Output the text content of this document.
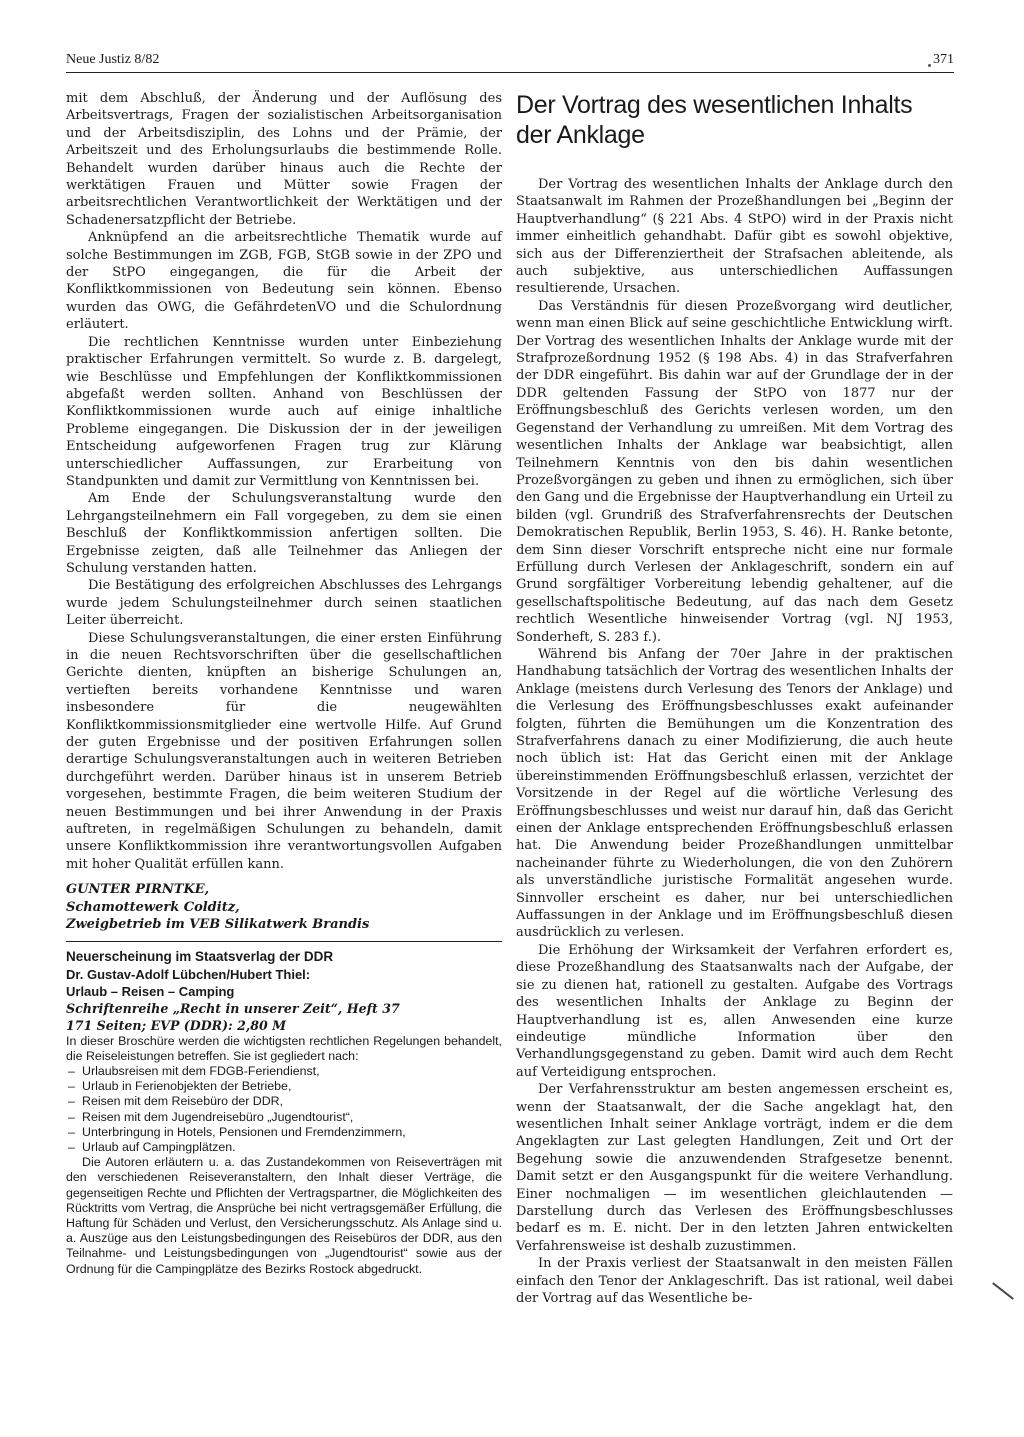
Neue Justiz 8/82	371

mit dem Abschluß, der Änderung und der Auflösung des Arbeitsvertrags, Fragen der sozialistischen Arbeitsorganisation und der Arbeitsdisziplin, des Lohns und der Prämie, der Arbeitszeit und des Erholungsurlaubs die bestimmende Rolle. Behandelt wurden darüber hinaus auch die Rechte der werktätigen Frauen und Mütter sowie Fragen der arbeitsrechtlichen Verantwortlichkeit der Werktätigen und der Schadenersatzpflicht der Betriebe.

Anknüpfend an die arbeitsrechtliche Thematik wurde auf solche Bestimmungen im ZGB, FGB, StGB sowie in der ZPO und der StPO eingegangen, die für die Arbeit der Konfliktkommissionen von Bedeutung sein können. Ebenso wurden das OWG, die GefährdetenVO und die Schulordnung erläutert.

Die rechtlichen Kenntnisse wurden unter Einbeziehung praktischer Erfahrungen vermittelt. So wurde z. B. dargelegt, wie Beschlüsse und Empfehlungen der Konfliktkommissionen abgefaßt werden sollten. Anhand von Beschlüssen der Konfliktkommissionen wurde auch auf einige inhaltliche Probleme eingegangen. Die Diskussion der in der jeweiligen Entscheidung aufgeworfenen Fragen trug zur Klärung unterschiedlicher Auffassungen, zur Erarbeitung von Standpunkten und damit zur Vermittlung von Kenntnissen bei.

Am Ende der Schulungsveranstaltung wurde den Lehrgangsteilnehmern ein Fall vorgegeben, zu dem sie einen Beschluß der Konfliktkommission anfertigen sollten. Die Ergebnisse zeigten, daß alle Teilnehmer das Anliegen der Schulung verstanden hatten.

Die Bestätigung des erfolgreichen Abschlusses des Lehrgangs wurde jedem Schulungsteilnehmer durch seinen staatlichen Leiter überreicht.

Diese Schulungsveranstaltungen, die einer ersten Einführung in die neuen Rechtsvorschriften über die gesellschaftlichen Gerichte dienten, knüpften an bisherige Schulungen an, vertieften bereits vorhandene Kenntnisse und waren insbesondere für die neugewählten Konfliktkommissionsmitglieder eine wertvolle Hilfe. Auf Grund der guten Ergebnisse und der positiven Erfahrungen sollen derartige Schulungsveranstaltungen auch in weiteren Betrieben durchgeführt werden. Darüber hinaus ist in unserem Betrieb vorgesehen, bestimmte Fragen, die beim weiteren Studium der neuen Bestimmungen und bei ihrer Anwendung in der Praxis auftreten, in regelmäßigen Schulungen zu behandeln, damit unsere Konfliktkommission ihre verantwortungsvollen Aufgaben mit hoher Qualität erfüllen kann.

GUNTER PIRNTKE,

Schamottewerk Colditz,

Zweigbetrieb im VEB Silikatwerk Brandis

Neuerscheinung im Staatsverlag der DDR

Dr. Gustav-Adolf Lübchen/Hubert Thiel:

Urlaub – Reisen – Camping

Schriftenreihe „Recht in unserer Zeit“, Heft 37

171 Seiten; EVP (DDR): 2,80 M

In dieser Broschüre werden die wichtigsten rechtlichen Regelungen behandelt, die Reiseleistungen betreffen. Sie ist gegliedert nach:

– Urlaubsreisen mit dem FDGB-Feriendienst,
– Urlaub in Ferienobjekten der Betriebe,
– Reisen mit dem Reisebüro der DDR,
– Reisen mit dem Jugendreisebüro „Jugendtourist“,
– Unterbringung in Hotels, Pensionen und Fremdenzimmern,
– Urlaub auf Campingplätzen.

Die Autoren erläutern u. a. das Zustandekommen von Reiseverträgen mit den verschiedenen Reiseveranstaltern, den Inhalt dieser Verträge, die gegenseitigen Rechte und Pflichten der Vertragspartner, die Möglichkeiten des Rücktritts vom Vertrag, die Ansprüche bei nicht vertragsgemäßer Erfüllung, die Haftung für Schäden und Verlust, den Versicherungsschutz. Als Anlage sind u. a. Auszüge aus den Leistungsbedingungen des Reisebüros der DDR, aus den Teilnahme- und Leistungsbedingungen von „Jugendtourist“ sowie aus der Ordnung für die Campingplätze des Bezirks Rostock abgedruckt.

Der Vortrag des wesentlichen Inhalts
der Anklage

Der Vortrag des wesentlichen Inhalts der Anklage durch den Staatsanwalt im Rahmen der Prozeßhandlungen bei „Beginn der Hauptverhandlung“ (§ 221 Abs. 4 StPO) wird in der Praxis nicht immer einheitlich gehandhabt. Dafür gibt es sowohl objektive, sich aus der Differenziertheit der Strafsachen ableitende, als auch subjektive, aus unterschiedlichen Auffassungen resultierende, Ursachen.

Das Verständnis für diesen Prozeßvorgang wird deutlicher, wenn man einen Blick auf seine geschichtliche Entwicklung wirft. Der Vortrag des wesentlichen Inhalts der Anklage wurde mit der Strafprozeßordnung 1952 (§ 198 Abs. 4) in das Strafverfahren der DDR eingeführt. Bis dahin war auf der Grundlage der in der DDR geltenden Fassung der StPO von 1877 nur der Eröffnungsbeschluß des Gerichts verlesen worden, um den Gegenstand der Verhandlung zu umreißen. Mit dem Vortrag des wesentlichen Inhalts der Anklage war beabsichtigt, allen Teilnehmern Kenntnis von den bis dahin wesentlichen Prozeßvorgängen zu geben und ihnen zu ermöglichen, sich über den Gang und die Ergebnisse der Hauptverhandlung ein Urteil zu bilden (vgl. Grundriß des Strafverfahrensrechts der Deutschen Demokratischen Republik, Berlin 1953, S. 46). H. Ranke betonte, dem Sinn dieser Vorschrift entspreche nicht eine nur formale Erfüllung durch Verlesen der Anklageschrift, sondern ein auf Grund sorgfältiger Vorbereitung lebendig gehaltener, auf die gesellschaftspolitische Bedeutung, auf das nach dem Gesetz rechtlich Wesentliche hinweisender Vortrag (vgl. NJ 1953, Sonderheft, S. 283 f.).

Während bis Anfang der 70er Jahre in der praktischen Handhabung tatsächlich der Vortrag des wesentlichen Inhalts der Anklage (meistens durch Verlesung des Tenors der Anklage) und die Verlesung des Eröffnungsbeschlusses exakt aufeinander folgten, führten die Bemühungen um die Konzentration des Strafverfahrens danach zu einer Modifizierung, die auch heute noch üblich ist: Hat das Gericht einen mit der Anklage übereinstimmenden Eröffnungsbeschluß erlassen, verzichtet der Vorsitzende in der Regel auf die wörtliche Verlesung des Eröffnungsbeschlusses und weist nur darauf hin, daß das Gericht einen der Anklage entsprechenden Eröffnungsbeschluß erlassen hat. Die Anwendung beider Prozeßhandlungen unmittelbar nacheinander führte zu Wiederholungen, die von den Zuhörern als unverständliche juristische Formalität angesehen wurde. Sinnvoller erscheint es daher, nur bei unterschiedlichen Auffassungen in der Anklage und im Eröffnungsbeschluß diesen ausdrücklich zu verlesen.

Die Erhöhung der Wirksamkeit der Verfahren erfordert es, diese Prozeßhandlung des Staatsanwalts nach der Aufgabe, der sie zu dienen hat, rationell zu gestalten. Aufgabe des Vortrags des wesentlichen Inhalts der Anklage zu Beginn der Hauptverhandlung ist es, allen Anwesenden eine kurze eindeutige mündliche Information über den Verhandlungsgegenstand zu geben. Damit wird auch dem Recht auf Verteidigung entsprochen.

Der Verfahrensstruktur am besten angemessen erscheint es, wenn der Staatsanwalt, der die Sache angeklagt hat, den wesentlichen Inhalt seiner Anklage vorträgt, indem er die dem Angeklagten zur Last gelegten Handlungen, Zeit und Ort der Begehung sowie die anzuwendenden Strafgesetze benennt. Damit setzt er den Ausgangspunkt für die weitere Verhandlung. Einer nochmaligen — im wesentlichen gleichlautenden — Darstellung durch das Verlesen des Eröffnungsbeschlusses bedarf es m. E. nicht. Der in den letzten Jahren entwickelten Verfahrensweise ist deshalb zuzustimmen.

In der Praxis verliest der Staatsanwalt in den meisten Fällen einfach den Tenor der Anklageschrift. Das ist rational, weil dabei der Vortrag auf das Wesentliche be-
